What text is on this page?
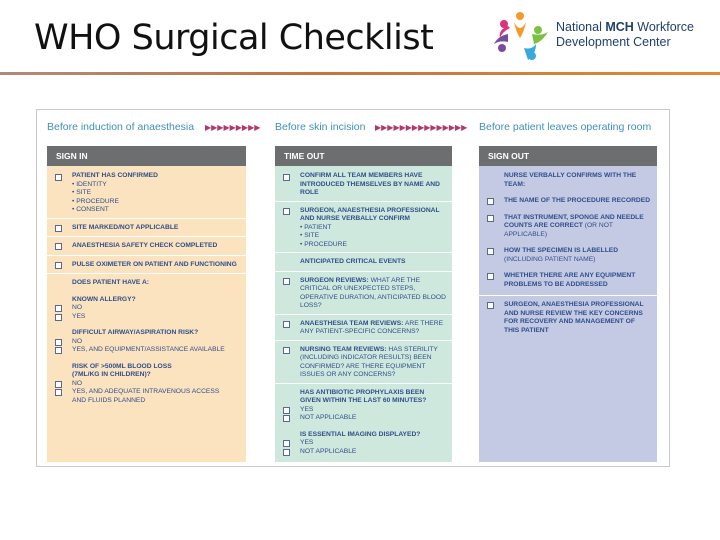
WHO Surgical Checklist	National MCH Workforce
Development Center
Before induction of anaesthesia ▶▶▶▶▶▶▶▶▶ Before skin incision ▶▶▶▶▶▶▶▶▶▶▶▶▶▶▶ Before patient leaves operating room
SIGN IN
PATIENT HAS CONFIRMED
• IDENTITY
• SITE
• PROCEDURE
• CONSENT
SITE MARKED/NOT APPLICABLE
ANAESTHESIA SAFETY CHECK COMPLETED
PULSE OXIMETER ON PATIENT AND FUNCTIONING
DOES PATIENT HAVE A:
KNOWN ALLERGY?
NO
YES
DIFFICULT AIRWAY/ASPIRATION RISK?
NO
YES, AND EQUIPMENT/ASSISTANCE AVAILABLE
RISK OF >500ML BLOOD LOSS
(7ML/KG IN CHILDREN)?
NO
YES, AND ADEQUATE INTRAVENOUS ACCESS
AND FLUIDS PLANNED
TIME OUT
CONFIRM ALL TEAM MEMBERS HAVE INTRODUCED THEMSELVES BY NAME AND ROLE
SURGEON, ANAESTHESIA PROFESSIONAL AND NURSE VERBALLY CONFIRM
• PATIENT
• SITE
• PROCEDURE
ANTICIPATED CRITICAL EVENTS
SURGEON REVIEWS: WHAT ARE THE CRITICAL OR UNEXPECTED STEPS, OPERATIVE DURATION, ANTICIPATED BLOOD LOSS?
ANAESTHESIA TEAM REVIEWS: ARE THERE ANY PATIENT-SPECIFIC CONCERNS?
NURSING TEAM REVIEWS: HAS STERILITY (INCLUDING INDICATOR RESULTS) BEEN CONFIRMED? ARE THERE EQUIPMENT ISSUES OR ANY CONCERNS?
HAS ANTIBIOTIC PROPHYLAXIS BEEN GIVEN WITHIN THE LAST 60 MINUTES?
YES
NOT APPLICABLE
IS ESSENTIAL IMAGING DISPLAYED?
YES
NOT APPLICABLE
SIGN OUT
NURSE VERBALLY CONFIRMS WITH THE TEAM:
THE NAME OF THE PROCEDURE RECORDED
THAT INSTRUMENT, SPONGE AND NEEDLE COUNTS ARE CORRECT (OR NOT APPLICABLE)
HOW THE SPECIMEN IS LABELLED (INCLUDING PATIENT NAME)
WHETHER THERE ARE ANY EQUIPMENT PROBLEMS TO BE ADDRESSED
SURGEON, ANAESTHESIA PROFESSIONAL AND NURSE REVIEW THE KEY CONCERNS FOR RECOVERY AND MANAGEMENT OF THIS PATIENT
